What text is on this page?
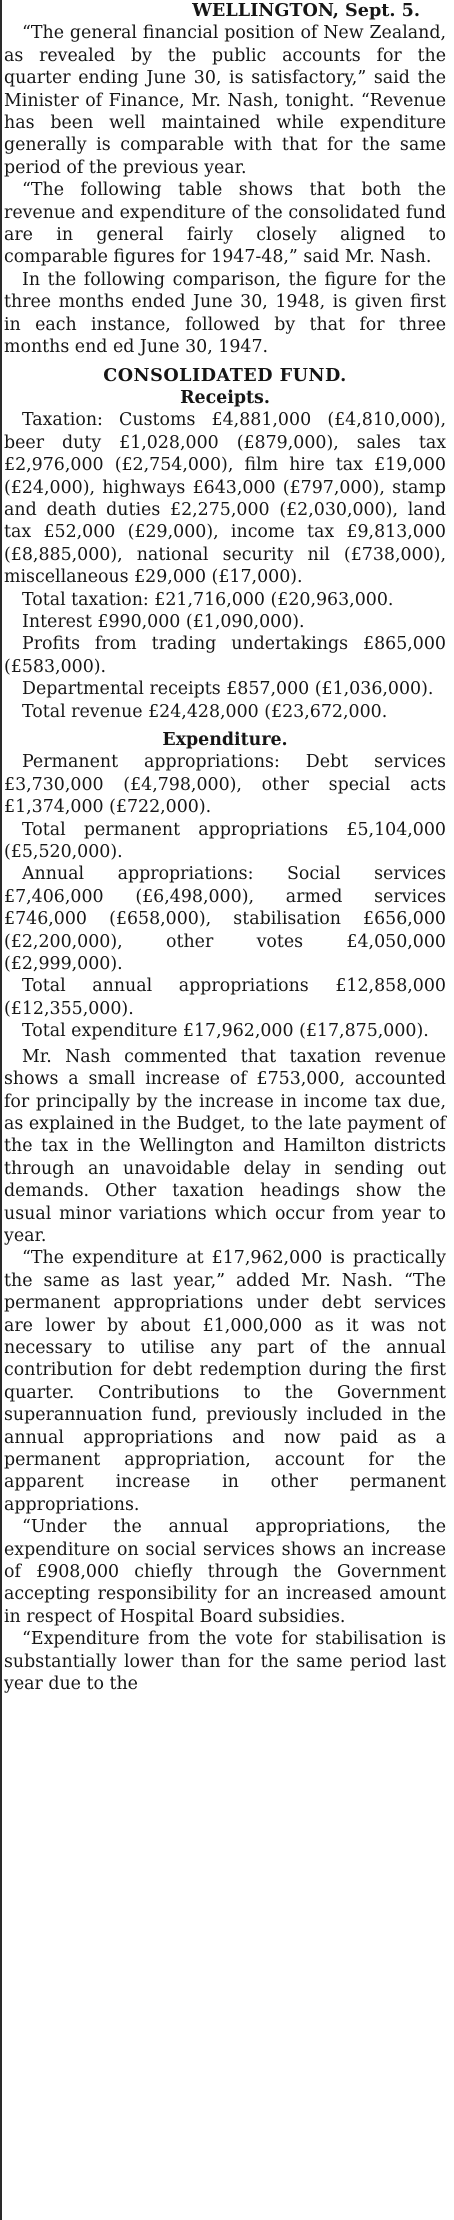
WELLINGTON, Sept. 5.

“The general financial position of New Zealand, as revealed by the public accounts for the quarter ending June 30, is satisfactory,” said the Minister of Finance, Mr. Nash, tonight. “Revenue has been well maintained while expenditure generally is comparable with that for the same period of the previous year.

“The following table shows that both the revenue and expenditure of the consolidated fund are in general fairly closely aligned to comparable figures for 1947-48,” said Mr. Nash.

In the following comparison, the figure for the three months ended June 30, 1948, is given first in each instance, followed by that for three months end ed June 30, 1947.

CONSOLIDATED FUND.

Receipts.

Taxation: Customs £4,881,000 (£4,810,000), beer duty £1,028,000 (£879,000), sales tax £2,976,000 (£2,754,000), film hire tax £19,000 (£24,000), highways £643,000 (£797,000), stamp and death duties £2,275,000 (£2,030,000), land tax £52,000 (£29,000), income tax £9,813,000 (£8,885,000), national security nil (£738,000), miscellaneous £29,000 (£17,000).

Total taxation: £21,716,000 (£20,963,000.

Interest £990,000 (£1,090,000).

Profits from trading undertakings £865,000 (£583,000).

Departmental receipts £857,000 (£1,036,000).

Total revenue £24,428,000 (£23,672,000.

Expenditure.

Permanent appropriations: Debt services £3,730,000 (£4,798,000), other special acts £1,374,000 (£722,000).

Total permanent appropriations £5,104,000 (£5,520,000).

Annual appropriations: Social services £7,406,000 (£6,498,000), armed services £746,000 (£658,000), stabilisation £656,000 (£2,200,000), other votes £4,050,000 (£2,999,000).

Total annual appropriations £12,858,000 (£12,355,000).

Total expenditure £17,962,000 (£17,875,000).

Mr. Nash commented that taxation revenue shows a small increase of £753,000, accounted for principally by the increase in income tax due, as explained in the Budget, to the late payment of the tax in the Wellington and Hamilton districts through an unavoidable delay in sending out demands. Other taxation headings show the usual minor variations which occur from year to year.

“The expenditure at £17,962,000 is practically the same as last year,” added Mr. Nash. “The permanent appropriations under debt services are lower by about £1,000,000 as it was not necessary to utilise any part of the annual contribution for debt redemption during the first quarter. Contributions to the Government superannuation fund, previously included in the annual appropriations and now paid as a permanent appropriation, account for the apparent increase in other permanent appropriations.

“Under the annual appropriations, the expenditure on social services shows an increase of £908,000 chiefly through the Government accepting responsibility for an increased amount in respect of Hospital Board subsidies.

“Expenditure from the vote for stabilisation is substantially lower than for the same period last year due to the
